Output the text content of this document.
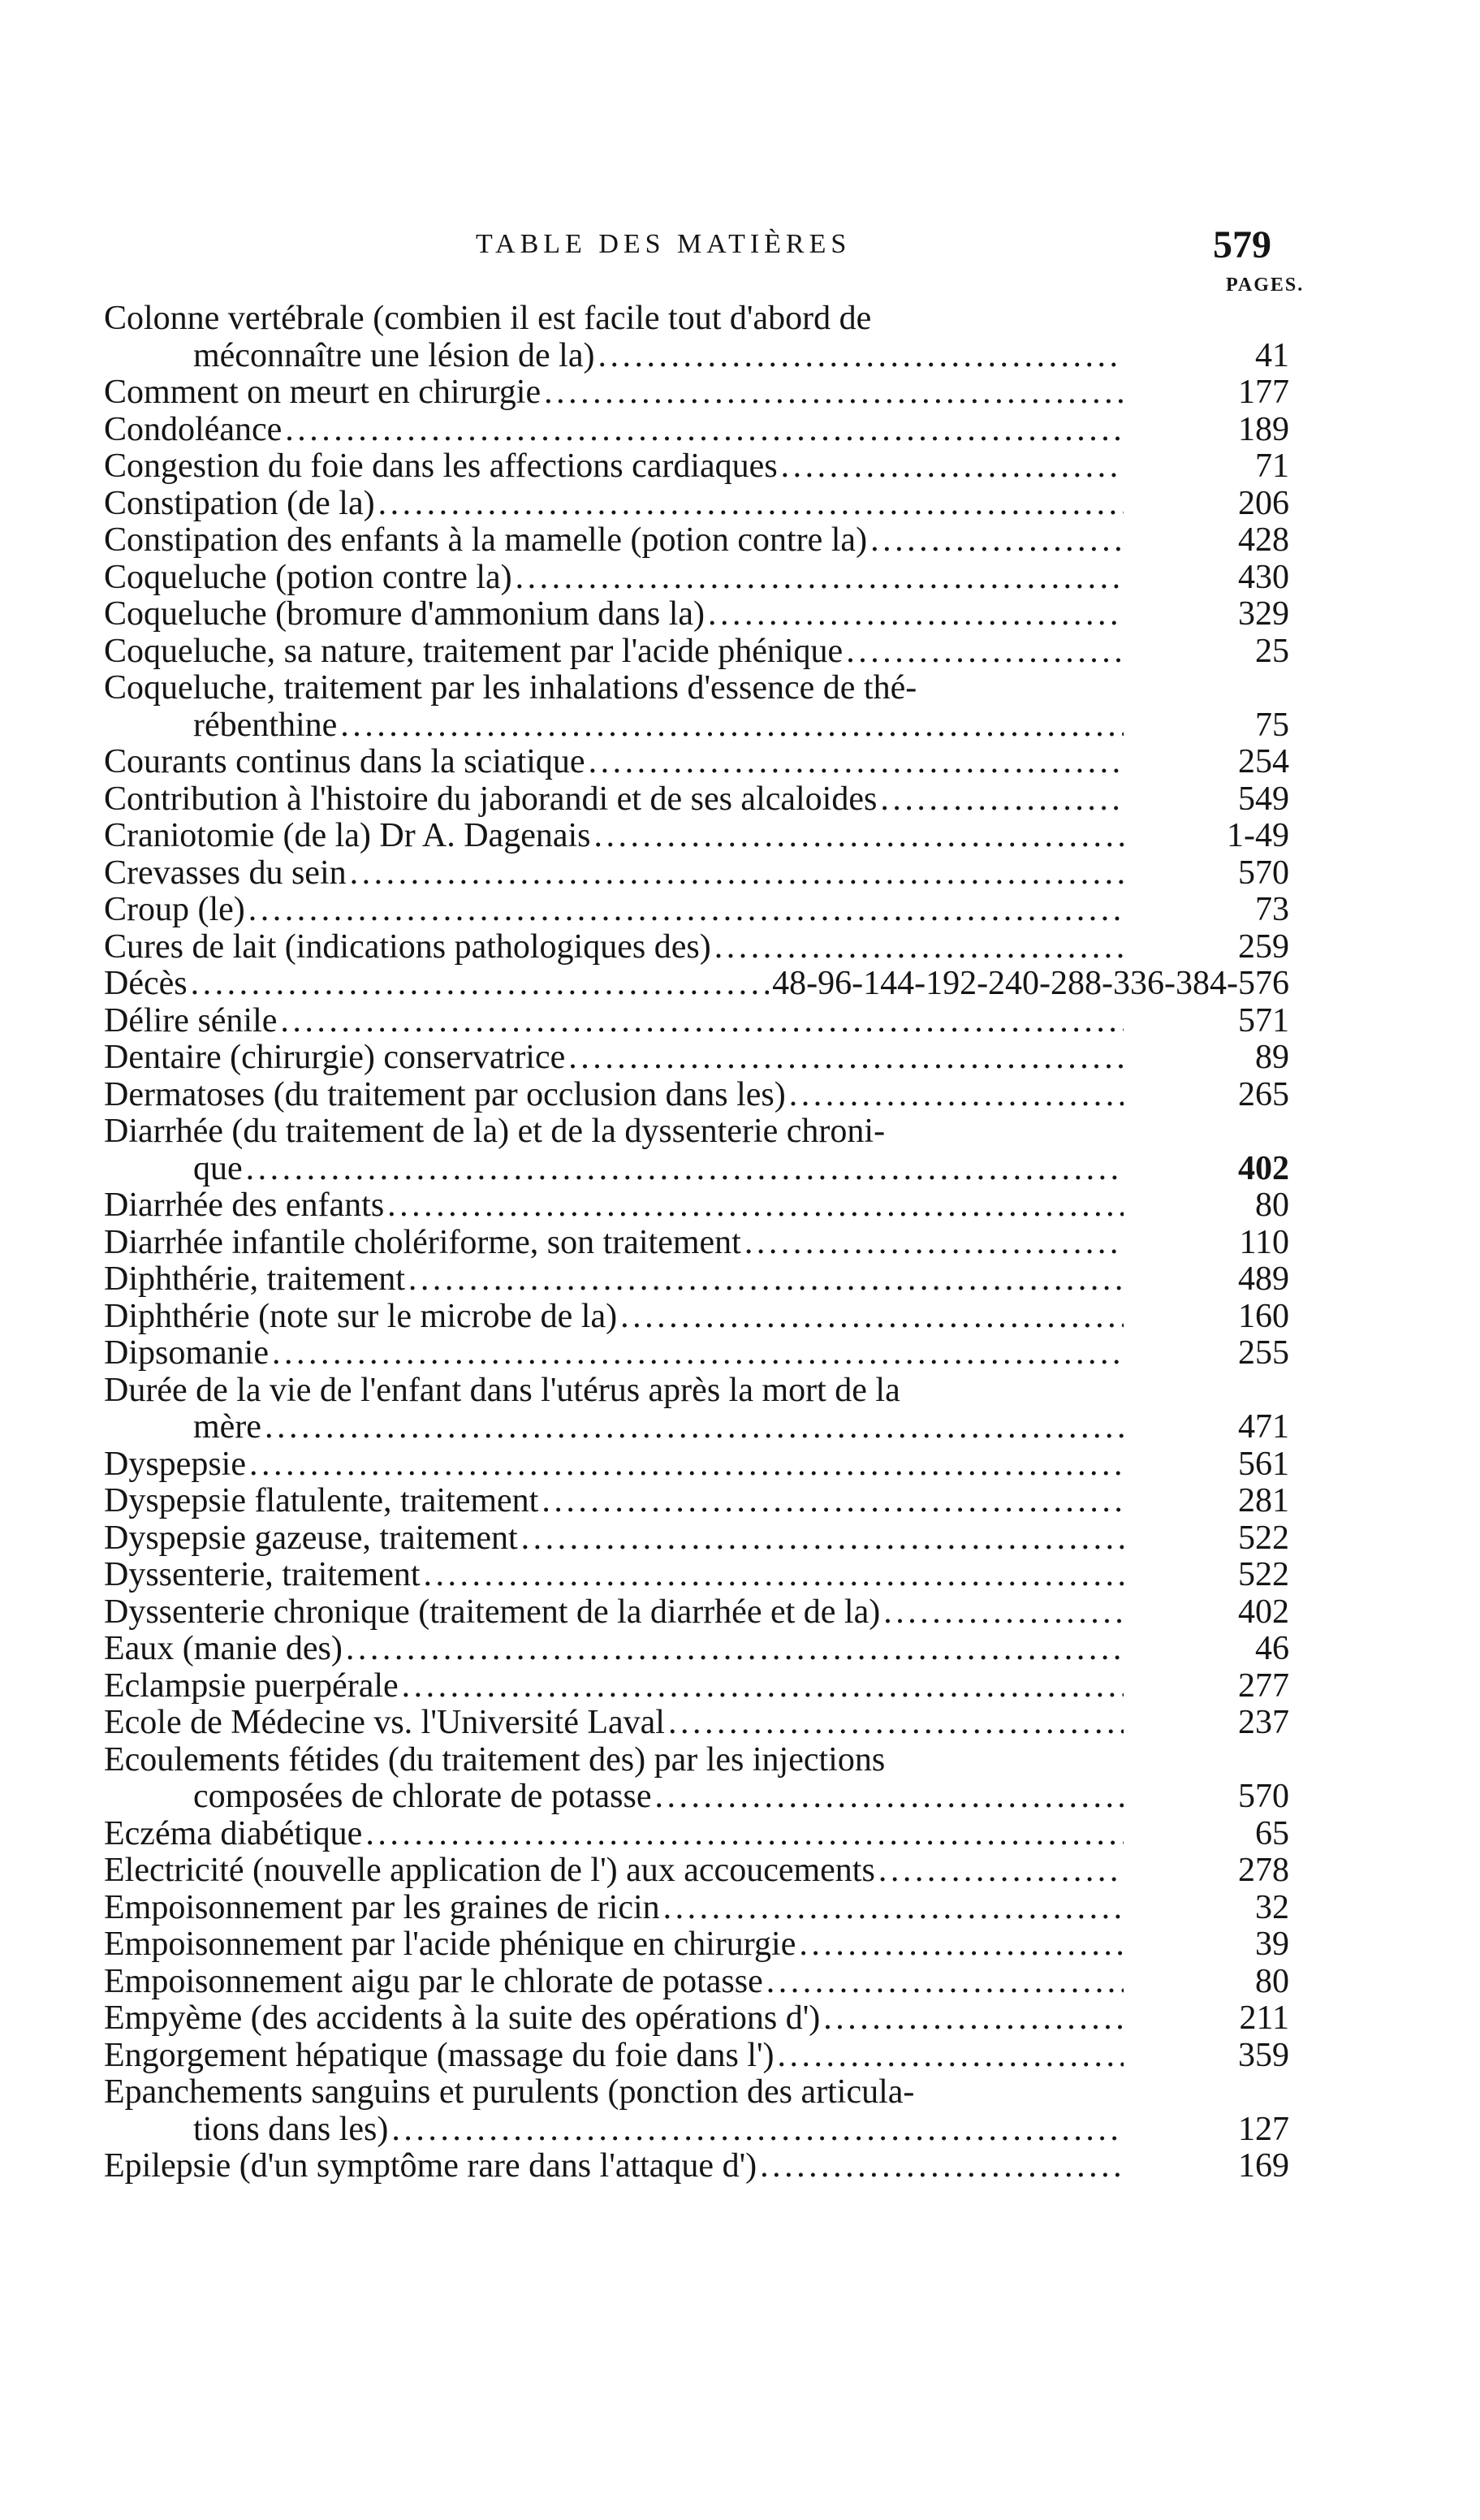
TABLE DES MATIÈRES	579
PAGES.
Colonne vertébrale (combien il est facile tout d'abord de
méconnaître une lésion de la) . . .	41
Comment on meurt en chirurgie . . .	177
Condoléance . . .	189
Congestion du foie dans les affections cardiaques . . .	71
Constipation (de la) . . .	206
Constipation des enfants à la mamelle (potion contre la) . . .	428
Coqueluche (potion contre la) . . .	430
Coqueluche (bromure d'ammonium dans la) . . .	329
Coqueluche, sa nature, traitement par l'acide phénique . . .	25
Coqueluche, traitement par les inhalations d'essence de thé-
rébenthine . . .	75
Courants continus dans la sciatique . . .	254
Contribution à l'histoire du jaborandi et de ses alcaloides . . .	549
Craniotomie (de la) Dr A. Dagenais . . .	1-49
Crevasses du sein . . .	570
Croup (le) . . .	73
Cures de lait (indications pathologiques des) . . .	259
Décès . . .	48-96-144-192-240-288-336-384-576
Délire sénile . . .	571
Dentaire (chirurgie) conservatrice . . .	89
Dermatoses (du traitement par occlusion dans les) . . .	265
Diarrhée (du traitement de la) et de la dyssenterie chroni-
que . . .	402
Diarrhée des enfants . . .	80
Diarrhée infantile cholériforme, son traitement . . .	110
Diphthérie, traitement . . .	489
Diphthérie (note sur le microbe de la) . . .	160
Dipsomanie . . .	255
Durée de la vie de l'enfant dans l'utérus après la mort de la
mère . . .	471
Dyspepsie . . .	561
Dyspepsie flatulente, traitement . . .	281
Dyspepsie gazeuse, traitement . . .	522
Dyssenterie, traitement . . .	522
Dyssenterie chronique (traitement de la diarrhée et de la) . . .	402
Eaux (manie des) . . .	46
Eclampsie puerpérale . . .	277
Ecole de Médecine vs. l'Université Laval . . .	237
Ecoulements fétides (du traitement des) par les injections
composées de chlorate de potasse . . .	570
Eczéma diabétique . . .	65
Electricité (nouvelle application de l') aux accoucements . . .	278
Empoisonnement par les graines de ricin . . .	32
Empoisonnement par l'acide phénique en chirurgie . . .	39
Empoisonnement aigu par le chlorate de potasse . . .	80
Empyème (des accidents à la suite des opérations d') . . .	211
Engorgement hépatique (massage du foie dans l') . . .	359
Epanchements sanguins et purulents (ponction des articula-
tions dans les) . . .	127
Epilepsie (d'un symptôme rare dans l'attaque d') . . .	169
